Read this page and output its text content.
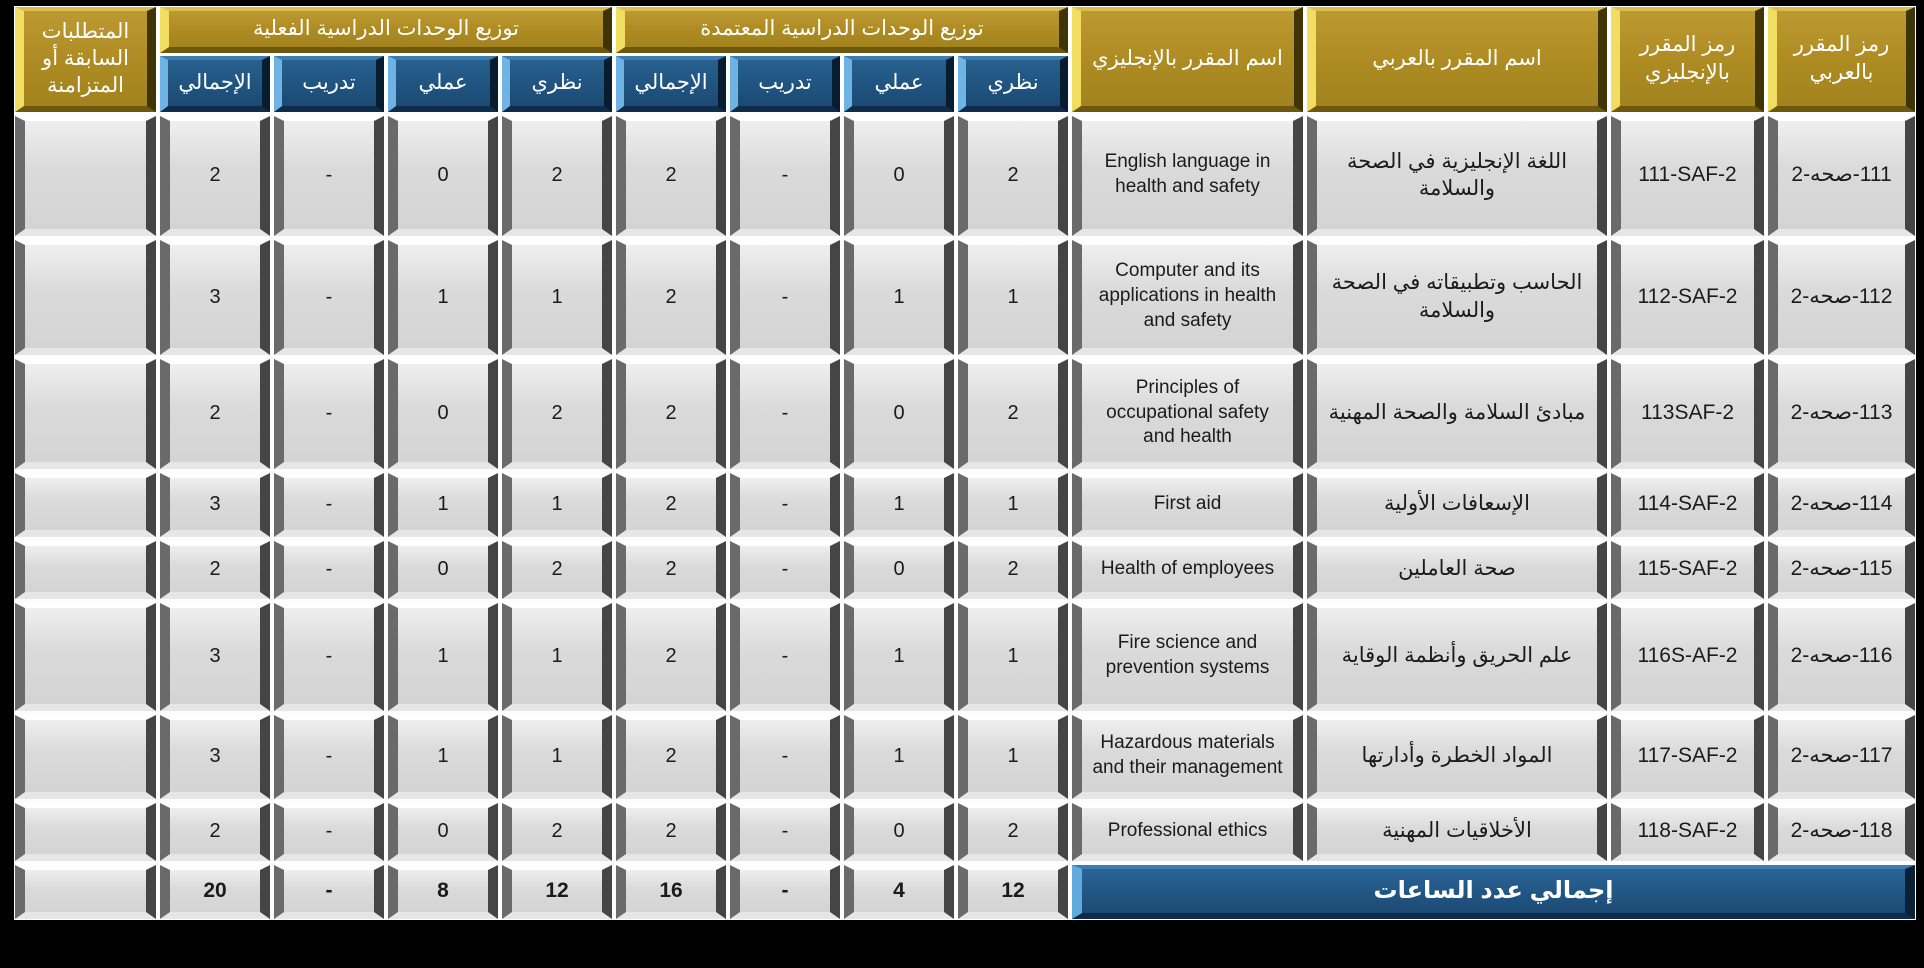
رمز المقرر بالعربي
رمز المقرر بالإنجليزي
اسم المقرر بالعربي
اسم المقرر بالإنجليزي
توزيع الوحدات الدراسية المعتمدة
توزيع الوحدات الدراسية الفعلية
المتطلبات السابقة أو المتزامنة	نظري
عملي
تدريب
الإجمالي
نظري
عملي
تدريب
الإجمالي
111-صحه-2
111-SAF-2
اللغة الإنجليزية في الصحة والسلامة
English language in health and safety
2
0
-
2
2
0
-
2
112-صحه-2
112-SAF-2
الحاسب وتطبيقاته في الصحة والسلامة
Computer and its applications in health and safety
1
1
-
2
1
1
-
3
113-صحه-2
113SAF-2
مبادئ السلامة والصحة المهنية
Principles of occupational safety and health
2
0
-
2
2
0
-
2
114-صحه-2
114-SAF-2
الإسعافات الأولية
First aid
1
1
-
2
1
1
-
3
115-صحه-2
115-SAF-2
صحة العاملين
Health of employees
2
0
-
2
2
0
-
2
116-صحه-2
116S-AF-2
علم الحريق وأنظمة الوقاية
Fire science and prevention systems
1
1
-
2
1
1
-
3
117-صحه-2
117-SAF-2
المواد الخطرة وأدارتها
Hazardous materials and their management
1
1
-
2
1
1
-
3
118-صحه-2
118-SAF-2
الأخلاقيات المهنية
Professional ethics
2
0
-
2
2
0
-
2
إجمالي عدد الساعات
12
4
-
16
12
8
-
20
